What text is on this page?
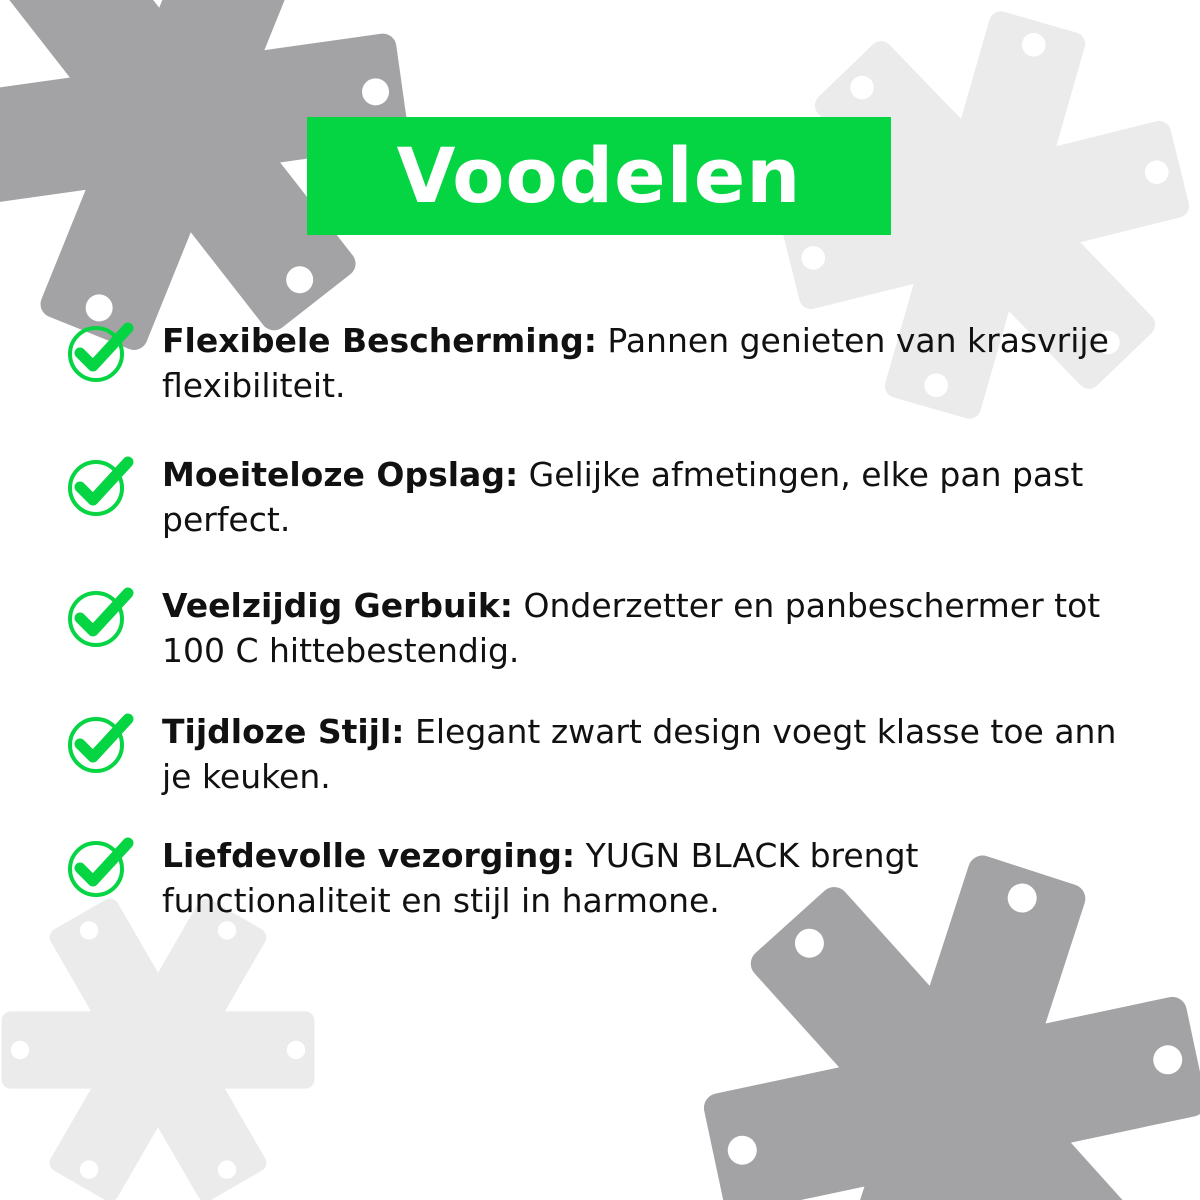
Voodelen
Flexibele Bescherming: Pannen genieten van krasvrije flexibiliteit.
Moeiteloze Opslag: Gelijke afmetingen, elke pan past perfect.
Veelzijdig Gerbuik: Onderzetter en panbeschermer tot 100 C hittebestendig.
Tijdloze Stijl: Elegant zwart design voegt klasse toe ann je keuken.
Liefdevolle vezorging: YUGN BLACK brengt functionaliteit en stijl in harmone.
